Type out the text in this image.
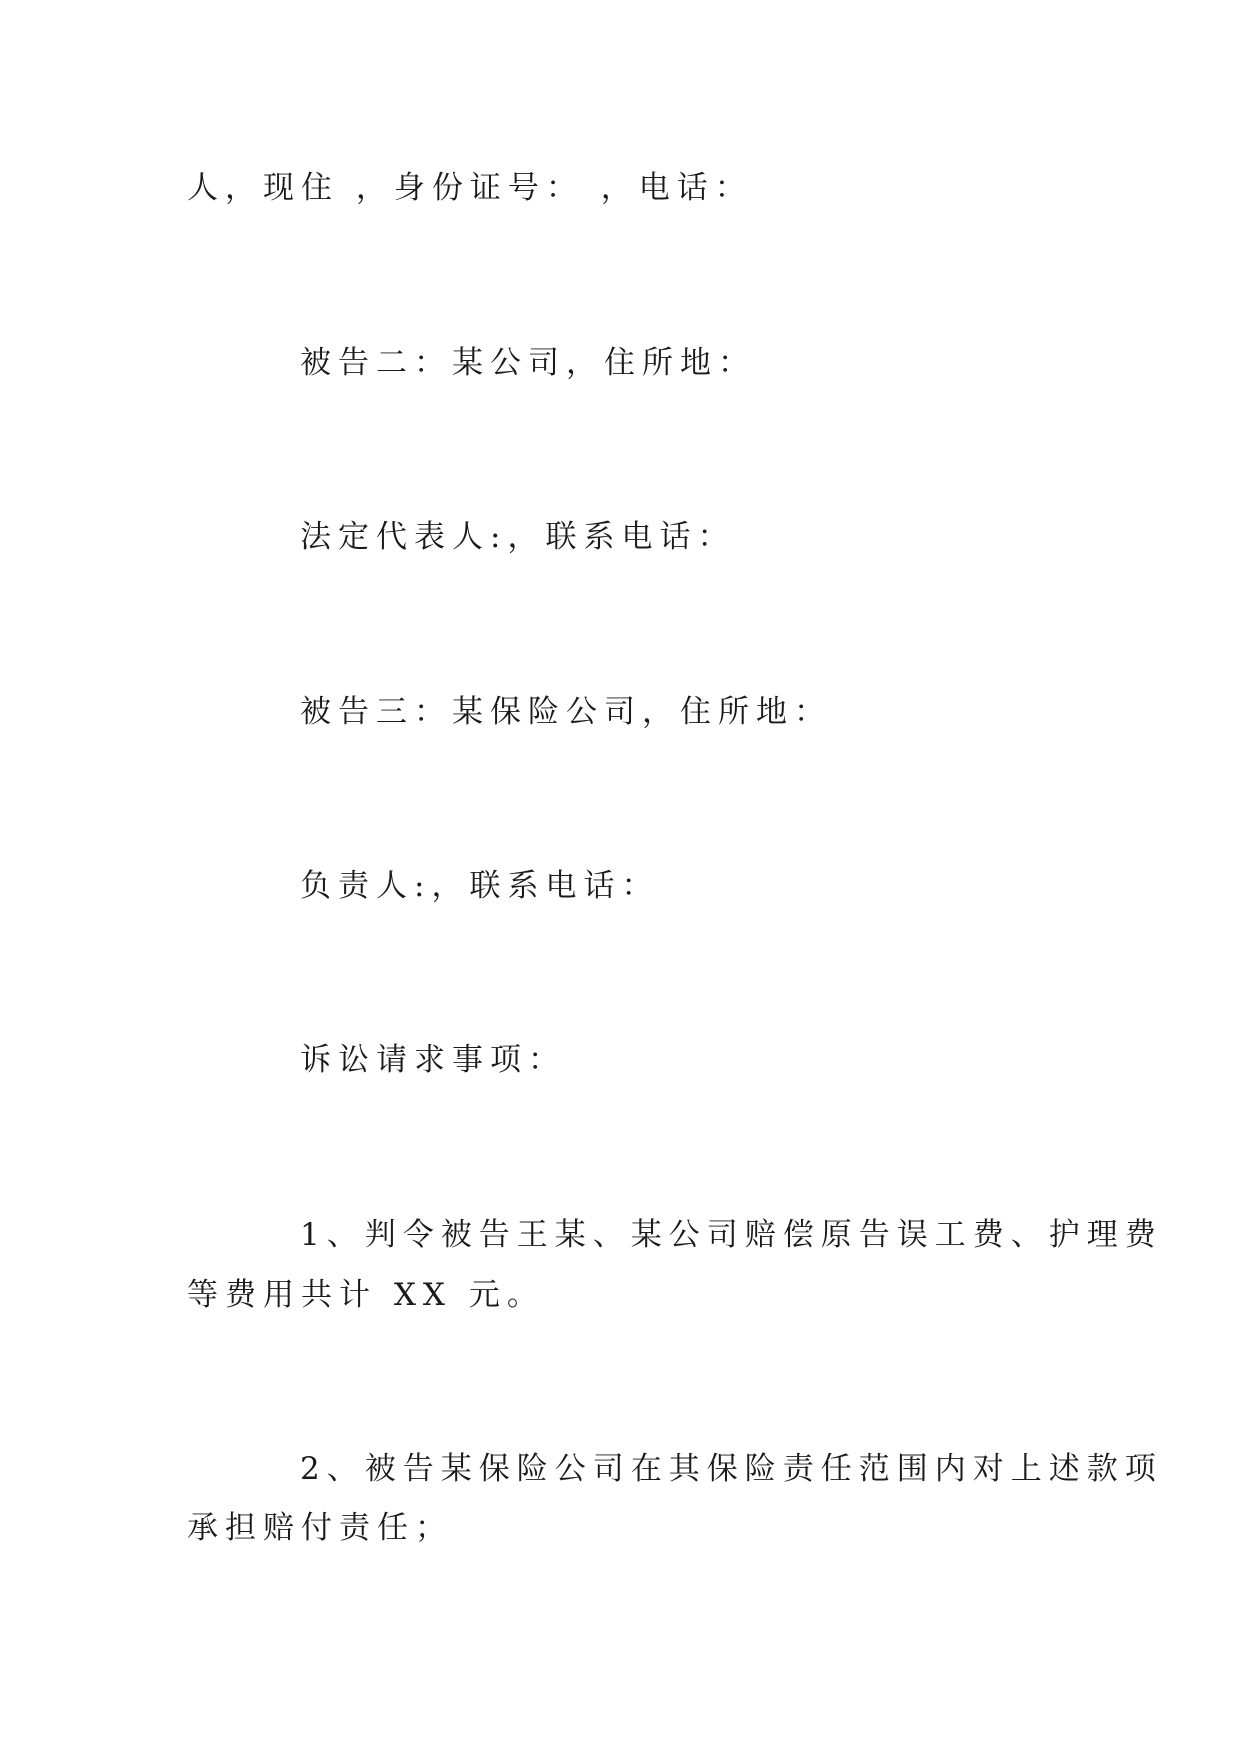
人，现住 ，身份证号： ，电话：
被告二：某公司，住所地：
法定代表人:，联系电话：
被告三：某保险公司，住所地：
负责人:，联系电话：
诉讼请求事项：
1、判令被告王某、某公司赔偿原告误工费、护理费
等费用共计 XX 元。
2、被告某保险公司在其保险责任范围内对上述款项
承担赔付责任；
